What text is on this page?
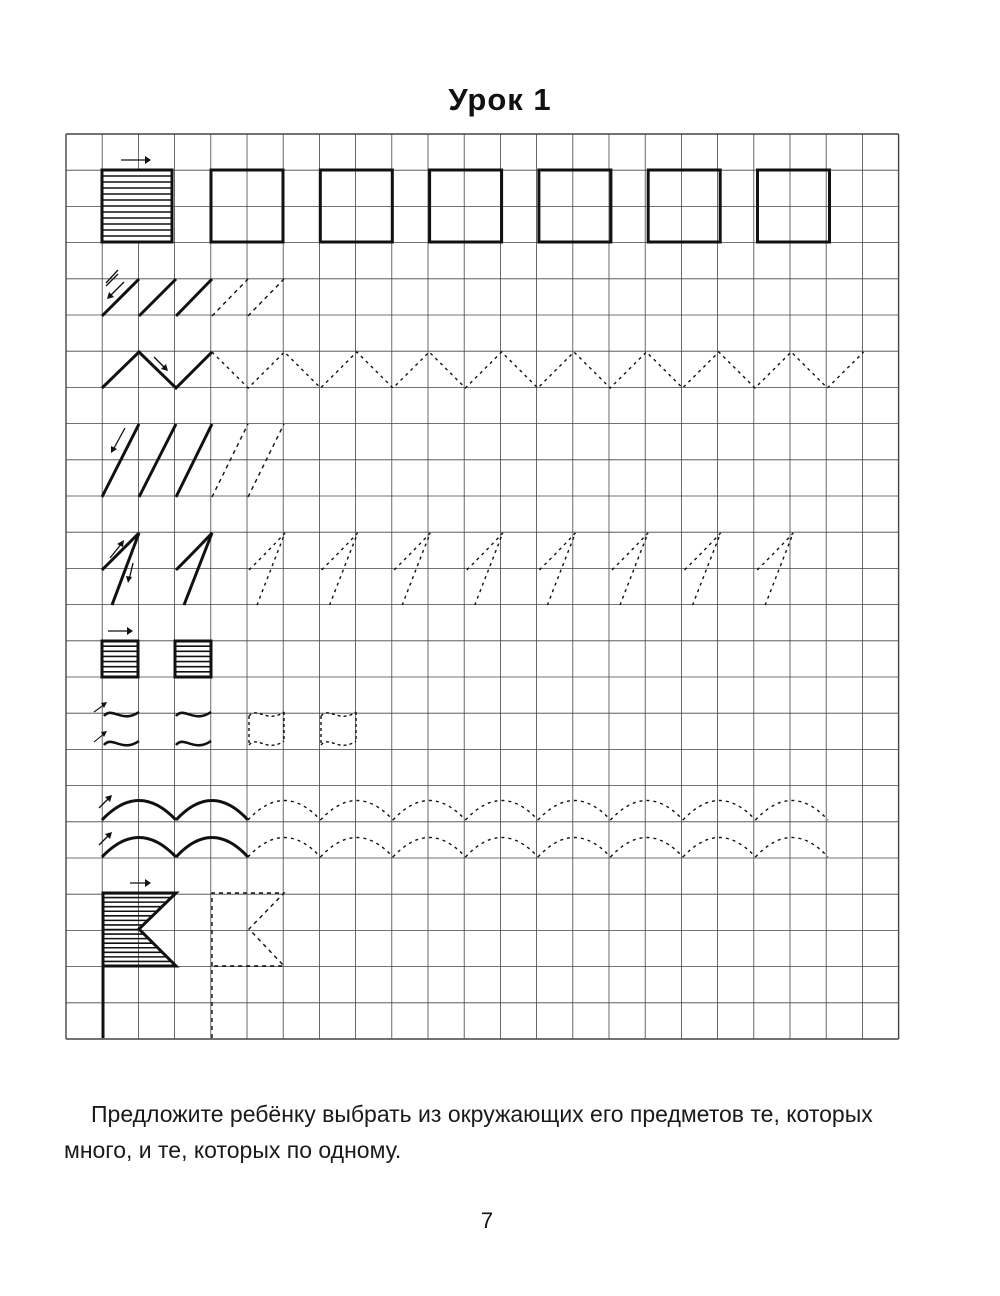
Урок 1

Предложите ребёнку выбрать из окружающих его предметов те, которых много, и те, которых по одному.

7
